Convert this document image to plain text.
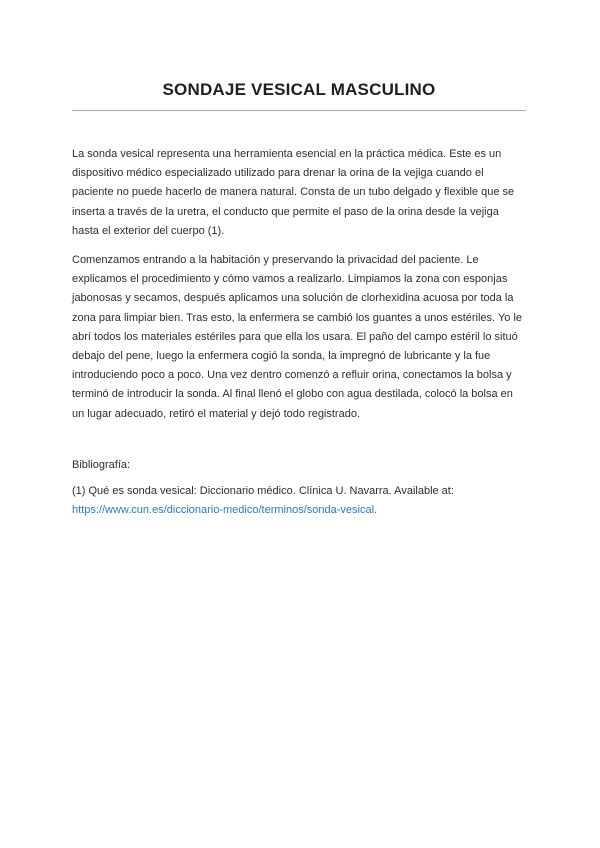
SONDAJE VESICAL MASCULINO

La sonda vesical representa una herramienta esencial en la práctica médica. Este es un dispositivo médico especializado utilizado para drenar la orina de la vejiga cuando el paciente no puede hacerlo de manera natural. Consta de un tubo delgado y flexible que se inserta a través de la uretra, el conducto que permite el paso de la orina desde la vejiga hasta el exterior del cuerpo (1).

Comenzamos entrando a la habitación y preservando la privacidad del paciente. Le explicamos el procedimiento y cómo vamos a realizarlo. Limpiamos la zona con esponjas jabonosas y secamos, después aplicamos una solución de clorhexidina acuosa por toda la zona para limpiar bien. Tras esto, la enfermera se cambió los guantes a unos estériles. Yo le abrí todos los materiales estériles para que ella los usara. El paño del campo estéril lo situó debajo del pene, luego la enfermera cogió la sonda, la impregnó de lubricante y la fue introduciendo poco a poco. Una vez dentro comenzó a refluir orina, conectamos la bolsa y terminó de introducir la sonda. Al final llenó el globo con agua destilada, colocó la bolsa en un lugar adecuado, retiró el material y dejó todo registrado.

Bibliografía:
(1) Qué es sonda vesical: Diccionario médico. Clínica U. Navarra. Available at:
https://www.cun.es/diccionario-medico/terminos/sonda-vesical.
